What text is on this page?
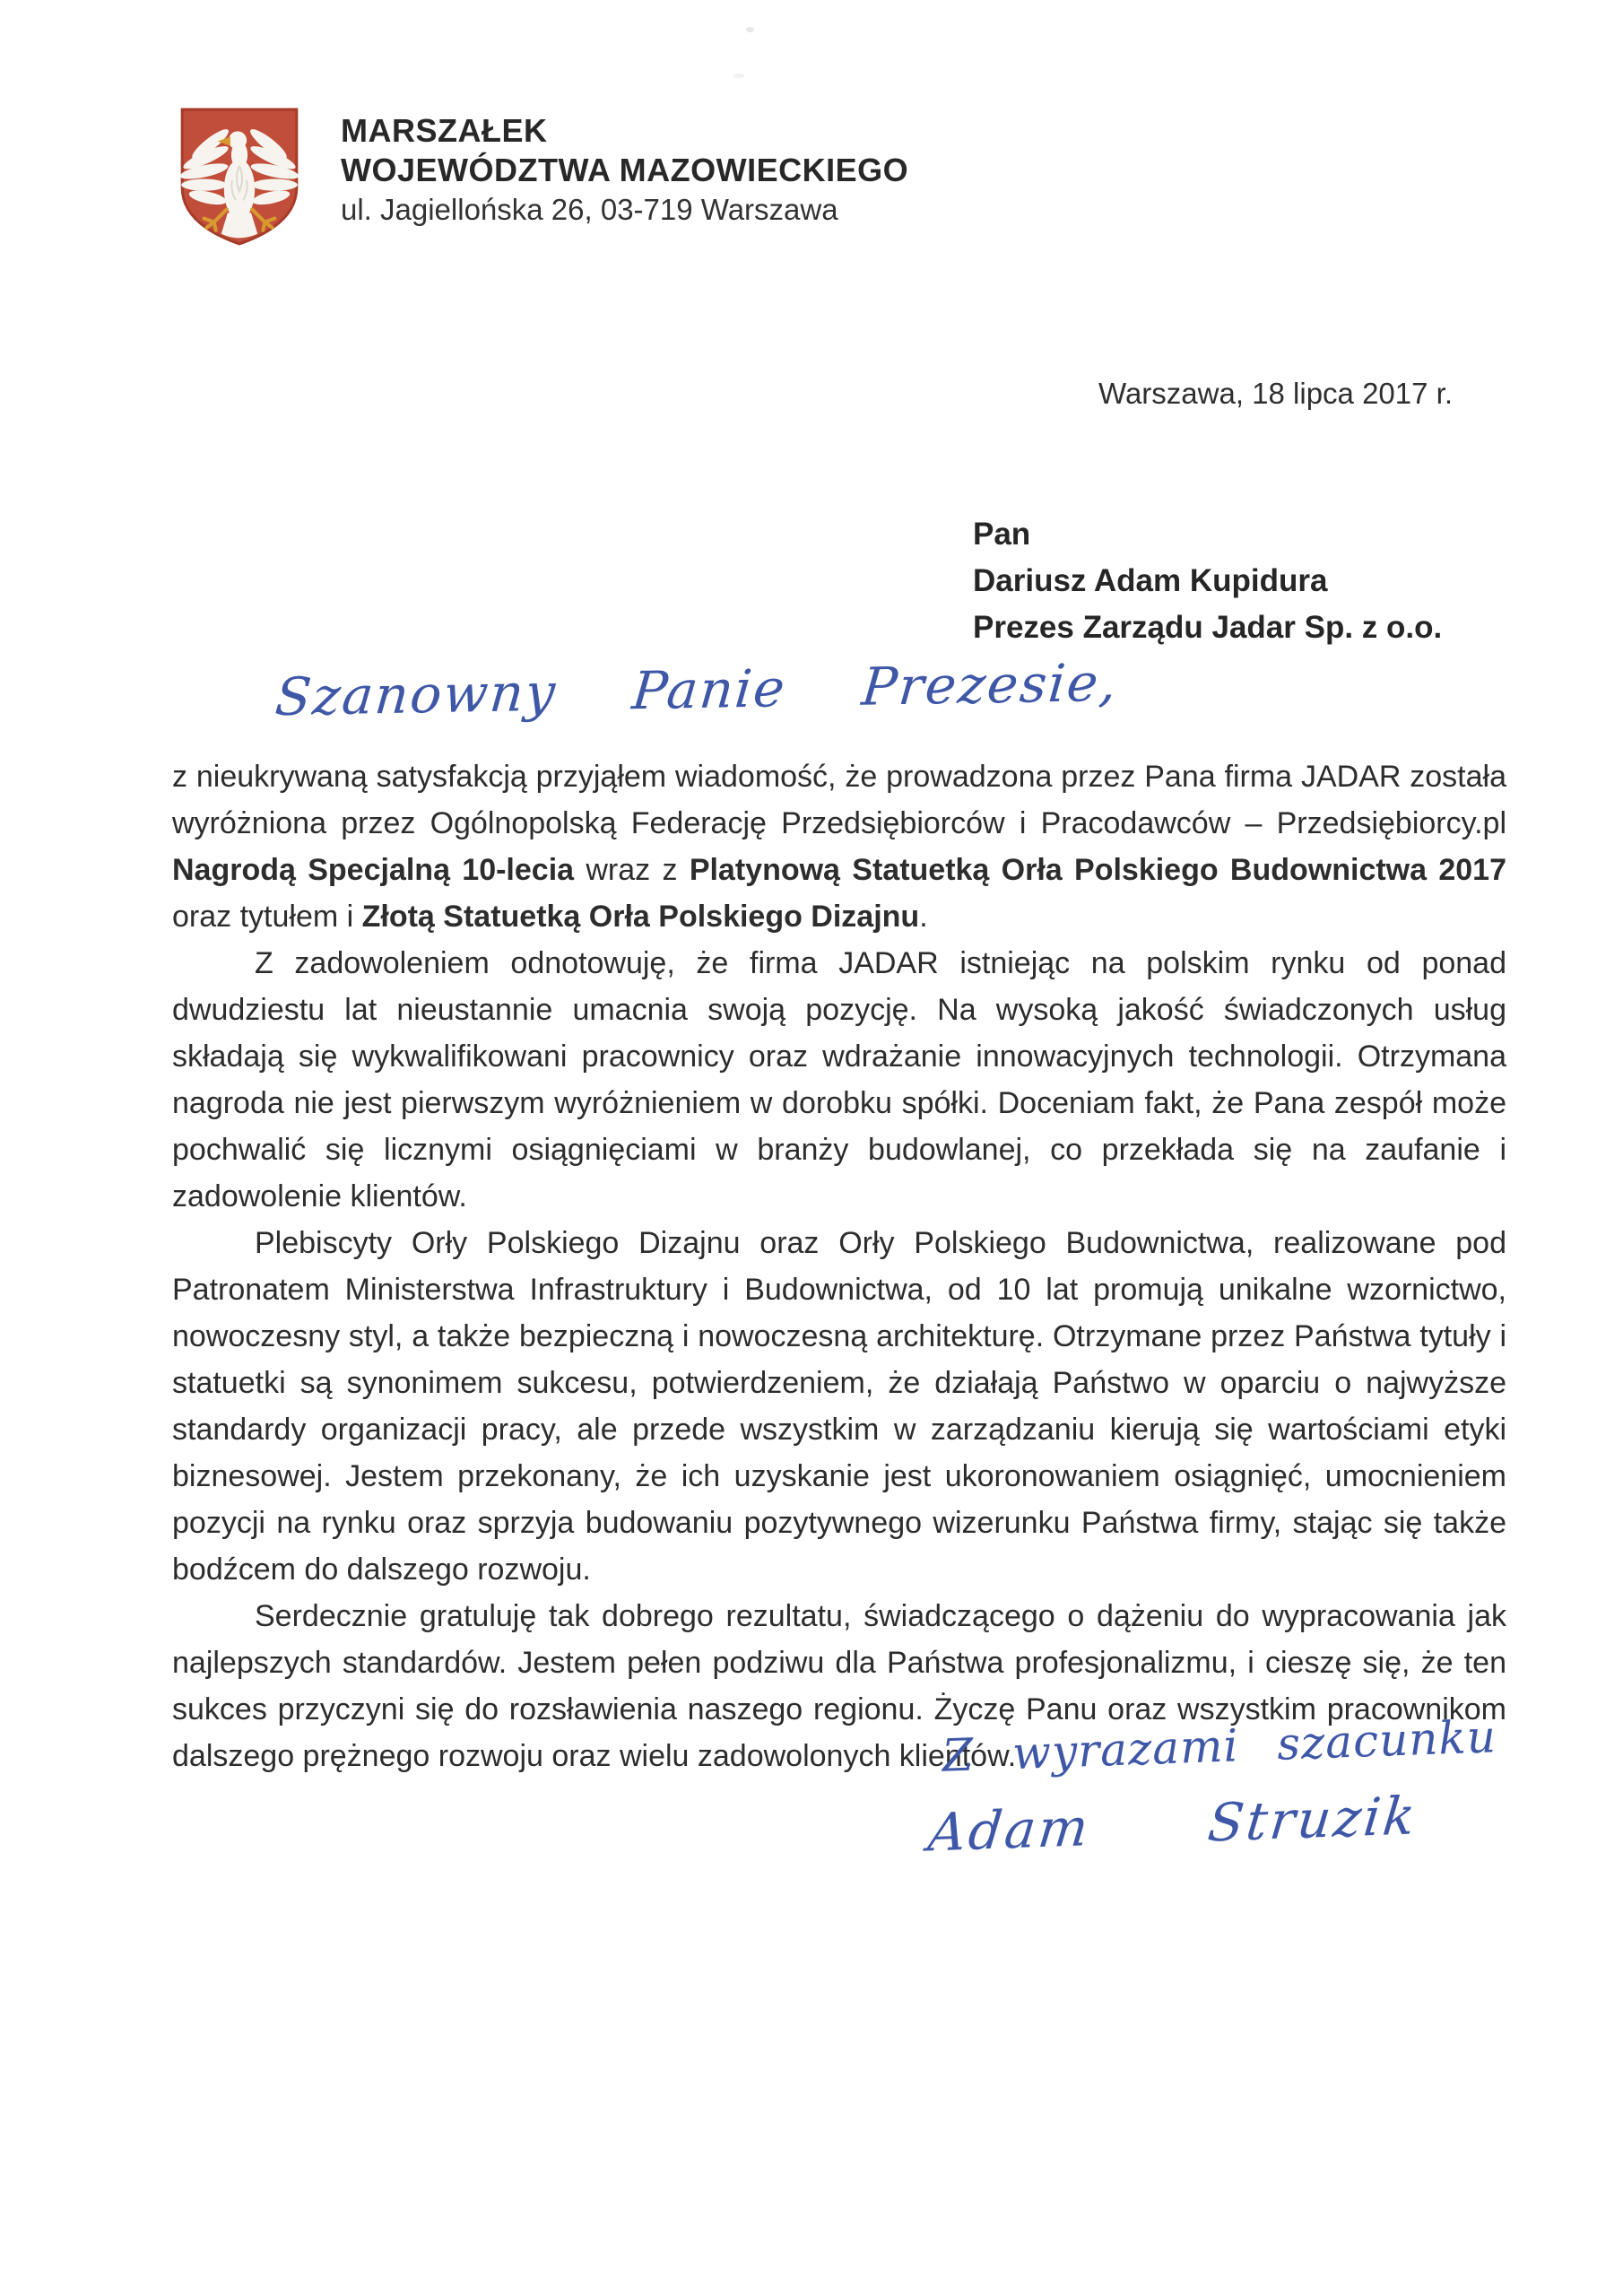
MARSZAŁEK
WOJEWÓDZTWA MAZOWIECKIEGO
ul. Jagiellońska 26, 03-719 Warszawa
Warszawa, 18 lipca 2017 r.
Pan
Dariusz Adam Kupidura
Prezes Zarządu Jadar Sp. z o.o.
Szanowny Panie Prezesie,

z nieukrywaną satysfakcją przyjąłem wiadomość, że prowadzona przez Pana firma JADAR została wyróżniona przez Ogólnopolską Federację Przedsiębiorców i Pracodawców – Przedsiębiorcy.pl Nagrodą Specjalną 10-lecia wraz z Platynową Statuetką Orła Polskiego Budownictwa 2017 oraz tytułem i Złotą Statuetką Orła Polskiego Dizajnu.

Z zadowoleniem odnotowuję, że firma JADAR istniejąc na polskim rynku od ponad dwudziestu lat nieustannie umacnia swoją pozycję. Na wysoką jakość świadczonych usług składają się wykwalifikowani pracownicy oraz wdrażanie innowacyjnych technologii. Otrzymana nagroda nie jest pierwszym wyróżnieniem w dorobku spółki. Doceniam fakt, że Pana zespół może pochwalić się licznymi osiągnięciami w branży budowlanej, co przekłada się na zaufanie i zadowolenie klientów.

Plebiscyty Orły Polskiego Dizajnu oraz Orły Polskiego Budownictwa, realizowane pod Patronatem Ministerstwa Infrastruktury i Budownictwa, od 10 lat promują unikalne wzornictwo, nowoczesny styl, a także bezpieczną i nowoczesną architekturę. Otrzymane przez Państwa tytuły i statuetki są synonimem sukcesu, potwierdzeniem, że działają Państwo w oparciu o najwyższe standardy organizacji pracy, ale przede wszystkim w zarządzaniu kierują się wartościami etyki biznesowej. Jestem przekonany, że ich uzyskanie jest ukoronowaniem osiągnięć, umocnieniem pozycji na rynku oraz sprzyja budowaniu pozytywnego wizerunku Państwa firmy, stając się także bodźcem do dalszego rozwoju.

Serdecznie gratuluję tak dobrego rezultatu, świadczącego o dążeniu do wypracowania jak najlepszych standardów. Jestem pełen podziwu dla Państwa profesjonalizmu, i cieszę się, że ten sukces przyczyni się do rozsławienia naszego regionu. Życzę Panu oraz wszystkim pracownikom dalszego prężnego rozwoju oraz wielu zadowolonych klientów.

Z wyrazami szacunku
Adam Struzik
